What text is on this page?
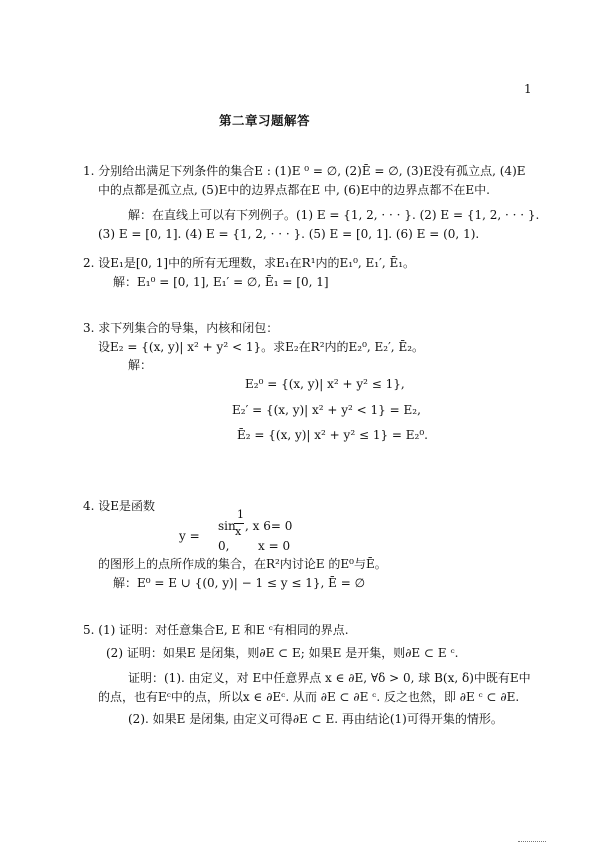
1
第二章习题解答
1. 分别给出满足下列条件的集合E : (1)E ⁰ = ∅, (2)Ē = ∅, (3)E没有孤立点, (4)E
中的点都是孤立点, (5)E中的边界点都在E 中, (6)E中的边界点都不在E中.
解：在直线上可以有下列例子。(1) E = {1, 2, · · · }. (2) E = {1, 2, · · · }.
(3) E = [0, 1]. (4) E = {1, 2, · · · }. (5) E = [0, 1]. (6) E = (0, 1).
2. 设E₁是[0, 1]中的所有无理数，求E₁在R¹内的E₁⁰, E₁′, Ē₁。
解：E₁⁰ = [0, 1], E₁′ = ∅, Ē₁ = [0, 1]
3. 求下列集合的导集，内核和闭包：
设E₂ = {(x, y)| x² + y² < 1}。求E₂在R²内的E₂⁰, E₂′, Ē₂。
解：
E₂⁰ = {(x, y)| x² + y² ≤ 1},
E₂′ = {(x, y)| x² + y² < 1} = E₂,
Ē₂ = {(x, y)| x² + y² ≤ 1} = E₂⁰.
4. 设E是函数
y =
sin
1
x , x 6= 0
0, x = 0
的图形上的点所作成的集合，在R²内讨论E 的E⁰与Ē。
解：E⁰ = E ∪ {(0, y)| − 1 ≤ y ≤ 1}, Ē = ∅
5. (1) 证明：对任意集合E, E 和E ᶜ有相同的界点.
(2) 证明：如果E 是闭集，则∂E ⊂ E; 如果E 是开集，则∂E ⊂ E ᶜ.
证明：(1). 由定义，对 E中任意界点 x ∈ ∂E, ∀δ > 0, 球 B(x, δ)中既有E中
的点，也有Eᶜ中的点，所以x ∈ ∂Eᶜ. 从而 ∂E ⊂ ∂E ᶜ. 反之也然，即 ∂E ᶜ ⊂ ∂E.
(2). 如果E 是闭集, 由定义可得∂E ⊂ E. 再由结论(1)可得开集的情形。
